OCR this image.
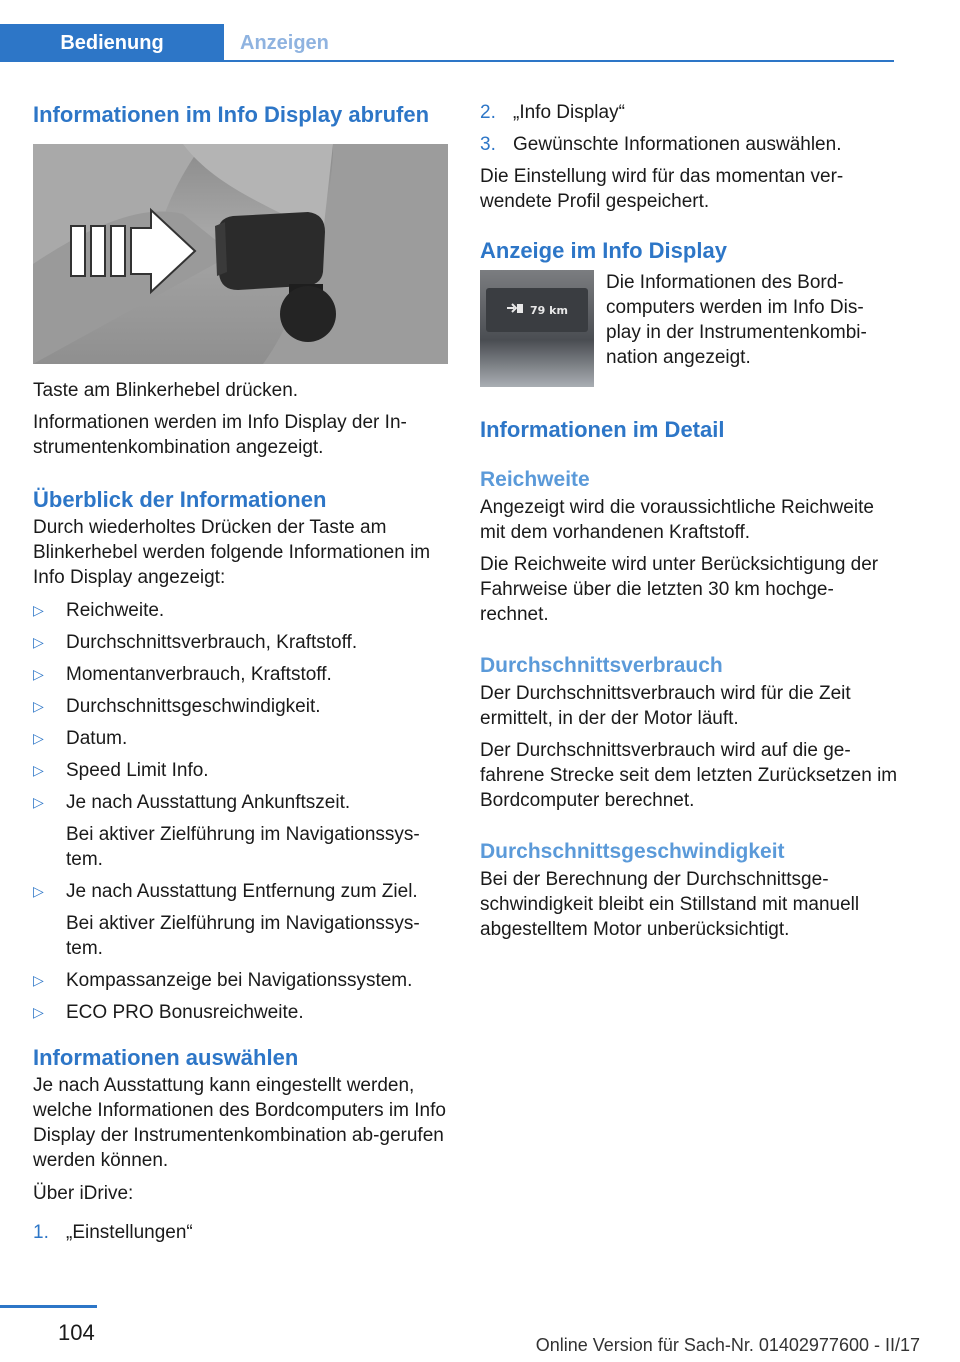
Bedienung	Anzeigen
Informationen im Info Display abrufen

Taste am Blinkerhebel drücken.

Informationen werden im Info Display der In‐strumentenkombination angezeigt.

Überblick der Informationen

Durch wiederholtes Drücken der Taste am Blinkerhebel werden folgende Informationen im Info Display angezeigt:

▷ Reichweite.
▷ Durchschnittsverbrauch, Kraftstoff.
▷ Momentanverbrauch, Kraftstoff.
▷ Durchschnittsgeschwindigkeit.
▷ Datum.
▷ Speed Limit Info.
▷ Je nach Ausstattung Ankunftszeit.
Bei aktiver Zielführung im Navigationssys‐tem.
▷ Je nach Ausstattung Entfernung zum Ziel.
Bei aktiver Zielführung im Navigationssys‐tem.
▷ Kompassanzeige bei Navigationssystem.
▷ ECO PRO Bonusreichweite.
Informationen auswählen

Je nach Ausstattung kann eingestellt werden, welche Informationen des Bordcomputers im Info Display der Instrumentenkombination ab‐gerufen werden können.

Über iDrive:

1. „Einstellungen“
2. „Info Display“
3. Gewünschte Informationen auswählen.

Die Einstellung wird für das momentan ver‐wendete Profil gespeichert.

Anzeige im Info Display
79 km

Die Informationen des Bord‐computers werden im Info Dis‐play in der Instrumentenkombi‐nation angezeigt.

Informationen im Detail
Reichweite

Angezeigt wird die voraussichtliche Reichweite mit dem vorhandenen Kraftstoff.

Die Reichweite wird unter Berücksichtigung der Fahrweise über die letzten 30 km hochge‐rechnet.

Durchschnittsverbrauch

Der Durchschnittsverbrauch wird für die Zeit ermittelt, in der der Motor läuft.

Der Durchschnittsverbrauch wird auf die ge‐fahrene Strecke seit dem letzten Zurücksetzen im Bordcomputer berechnet.

Durchschnittsgeschwindigkeit

Bei der Berechnung der Durchschnittsge‐schwindigkeit bleibt ein Stillstand mit manuell abgestelltem Motor unberücksichtigt.

104	Online Version für Sach-Nr. 01402977600 - II/17
